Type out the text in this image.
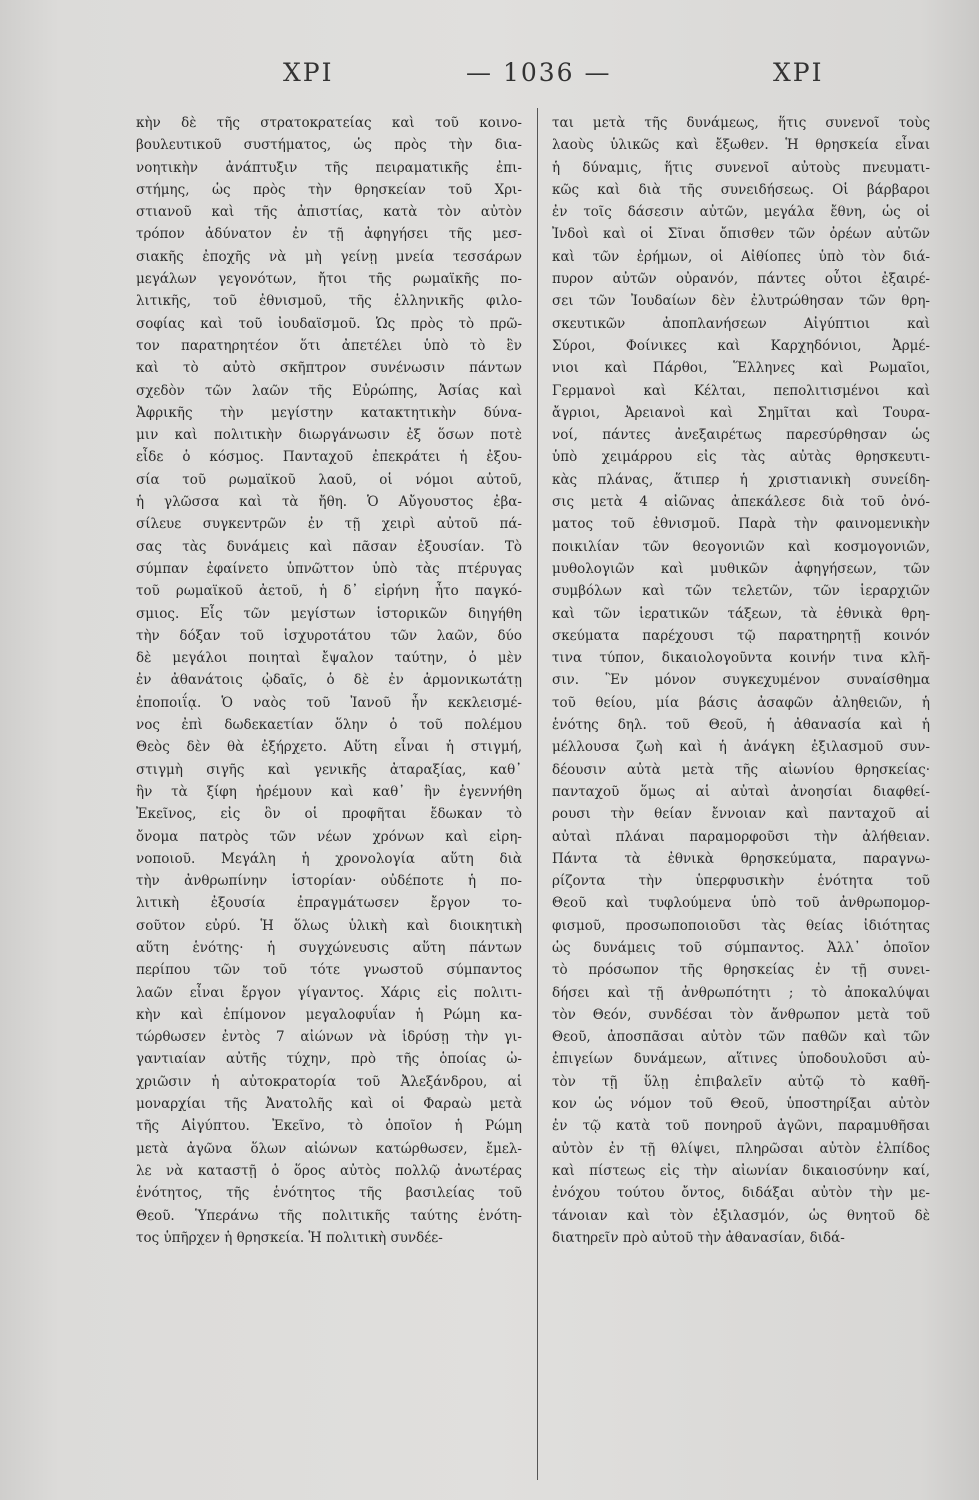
ΧΡΙ	— 1036 —	ΧΡΙ
κὴν δὲ τῆς στρατοκρατείας καὶ τοῦ κοινο-
βουλευτικοῦ συστήματος, ὡς πρὸς τὴν δια-
νοητικὴν ἀνάπτυξιν τῆς πειραματικῆς ἐπι-
στήμης, ὡς πρὸς τὴν θρησκείαν τοῦ Χρι-
στιανοῦ καὶ τῆς ἀπιστίας, κατὰ τὸν αὐτὸν
τρόπον ἀδύνατον ἐν τῇ ἀφηγήσει τῆς μεσ-
σιακῆς ἐποχῆς νὰ μὴ γείνῃ μνεία τεσσάρων
μεγάλων γεγονότων, ἤτοι τῆς ρωμαϊκῆς πο-
λιτικῆς, τοῦ ἐθνισμοῦ, τῆς ἑλληνικῆς φιλο-
σοφίας καὶ τοῦ ἰουδαϊσμοῦ. Ὡς πρὸς τὸ πρῶ-
τον παρατηρητέον ὅτι ἀπετέλει ὑπὸ τὸ ἓν
καὶ τὸ αὐτὸ σκῆπτρον συνένωσιν πάντων
σχεδὸν τῶν λαῶν τῆς Εὐρώπης, Ἀσίας καὶ
Ἀφρικῆς τὴν μεγίστην κατακτητικὴν δύνα-
μιν καὶ πολιτικὴν διωργάνωσιν ἐξ ὅσων ποτὲ
εἶδε ὁ κόσμος. Πανταχοῦ ἐπεκράτει ἡ ἐξου-
σία τοῦ ρωμαϊκοῦ λαοῦ, οἱ νόμοι αὐτοῦ,
ἡ γλῶσσα καὶ τὰ ἤθη. Ὁ Αὔγουστος ἐβα-
σίλευε συγκεντρῶν ἐν τῇ χειρὶ αὐτοῦ πά-
σας τὰς δυνάμεις καὶ πᾶσαν ἐξουσίαν. Τὸ
σύμπαν ἐφαίνετο ὑπνῶττον ὑπὸ τὰς πτέρυγας
τοῦ ρωμαϊκοῦ ἀετοῦ, ἡ δ᾽ εἰρήνη ἦτο παγκό-
σμιος. Εἷς τῶν μεγίστων ἱστορικῶν διηγήθη
τὴν δόξαν τοῦ ἰσχυροτάτου τῶν λαῶν, δύο
δὲ μεγάλοι ποιηταὶ ἔψαλον ταύτην, ὁ μὲν
ἐν ἀθανάτοις ᾠδαῖς, ὁ δὲ ἐν ἁρμονικωτάτῃ
ἐποποιΐᾳ. Ὁ ναὸς τοῦ Ἰανοῦ ἦν κεκλεισμέ-
νος ἐπὶ δωδεκαετίαν ὅλην ὁ τοῦ πολέμου
Θεὸς δὲν θὰ ἐξήρχετο. Αὕτη εἶναι ἡ στιγμή,
στιγμὴ σιγῆς καὶ γενικῆς ἀταραξίας, καθ᾽
ἣν τὰ ξίφη ἠρέμουν καὶ καθ᾽ ἣν ἐγεννήθη
Ἐκεῖνος, εἰς ὃν οἱ προφῆται ἔδωκαν τὸ
ὄνομα πατρὸς τῶν νέων χρόνων καὶ εἰρη-
νοποιοῦ. Μεγάλη ἡ χρονολογία αὕτη διὰ
τὴν ἀνθρωπίνην ἱστορίαν· οὐδέποτε ἡ πο-
λιτικὴ ἐξουσία ἐπραγμάτωσεν ἔργον το-
σοῦτον εὐρύ. Ἡ ὅλως ὑλικὴ καὶ διοικητικὴ
αὕτη ἑνότης· ἡ συγχώνευσις αὕτη πάντων
περίπου τῶν τοῦ τότε γνωστοῦ σύμπαντος
λαῶν εἶναι ἔργον γίγαντος. Χάρις εἰς πολιτι-
κὴν καὶ ἐπίμονον μεγαλοφυΐαν ἡ Ρώμη κα-
τώρθωσεν ἐντὸς 7 αἰώνων νὰ ἱδρύσῃ τὴν γι-
γαντιαίαν αὐτῆς τύχην, πρὸ τῆς ὁποίας ὠ-
χριῶσιν ἡ αὐτοκρατορία τοῦ Ἀλεξάνδρου, αἱ
μοναρχίαι τῆς Ἀνατολῆς καὶ οἱ Φαραὼ μετὰ
τῆς Αἰγύπτου. Ἐκεῖνο, τὸ ὁποῖον ἡ Ρώμη
μετὰ ἀγῶνα ὅλων αἰώνων κατώρθωσεν, ἔμελ-
λε νὰ καταστῇ ὁ ὅρος αὐτὸς πολλῷ ἀνωτέρας
ἑνότητος, τῆς ἑνότητος τῆς βασιλείας τοῦ
Θεοῦ. Ὑπεράνω τῆς πολιτικῆς ταύτης ἑνότη-
τος ὑπῆρχεν ἡ θρησκεία. Ἡ πολιτικὴ συνδέε-
ται μετὰ τῆς δυνάμεως, ἥτις συνενοῖ τοὺς
λαοὺς ὑλικῶς καὶ ἔξωθεν. Ἡ θρησκεία εἶναι
ἡ δύναμις, ἥτις συνενοῖ αὐτοὺς πνευματι-
κῶς καὶ διὰ τῆς συνειδήσεως. Οἱ βάρβαροι
ἐν τοῖς δάσεσιν αὐτῶν, μεγάλα ἔθνη, ὡς οἱ
Ἰνδοὶ καὶ οἱ Σῖναι ὄπισθεν τῶν ὀρέων αὐτῶν
καὶ τῶν ἐρήμων, οἱ Αἰθίοπες ὑπὸ τὸν διά-
πυρον αὐτῶν οὐρανόν, πάντες οὗτοι ἐξαιρέ-
σει τῶν Ἰουδαίων δὲν ἐλυτρώθησαν τῶν θρη-
σκευτικῶν ἀποπλανήσεων Αἰγύπτιοι καὶ
Σύροι, Φοίνικες καὶ Καρχηδόνιοι, Ἀρμέ-
νιοι καὶ Πάρθοι, Ἕλληνες καὶ Ρωμαῖοι,
Γερμανοὶ καὶ Κέλται, πεπολιτισμένοι καὶ
ἄγριοι, Ἀρειανοὶ καὶ Σημῖται καὶ Τουρα-
νοί, πάντες ἀνεξαιρέτως παρεσύρθησαν ὡς
ὑπὸ χειμάρρου εἰς τὰς αὐτὰς θρησκευτι-
κὰς πλάνας, ἅτιπερ ἡ χριστιανικὴ συνείδη-
σις μετὰ 4 αἰῶνας ἀπεκάλεσε διὰ τοῦ ὀνό-
ματος τοῦ ἐθνισμοῦ. Παρὰ τὴν φαινομενικὴν
ποικιλίαν τῶν θεογονιῶν καὶ κοσμογονιῶν,
μυθολογιῶν καὶ μυθικῶν ἀφηγήσεων, τῶν
συμβόλων καὶ τῶν τελετῶν, τῶν ἱεραρχιῶν
καὶ τῶν ἱερατικῶν τάξεων, τὰ ἐθνικὰ θρη-
σκεύματα παρέχουσι τῷ παρατηρητῇ κοινόν
τινα τύπον, δικαιολογοῦντα κοινήν τινα κλῆ-
σιν. Ἓν μόνον συγκεχυμένον συναίσθημα
τοῦ θείου, μία βάσις ἀσαφῶν ἀληθειῶν, ἡ
ἑνότης δηλ. τοῦ Θεοῦ, ἡ ἀθανασία καὶ ἡ
μέλλουσα ζωὴ καὶ ἡ ἀνάγκη ἐξιλασμοῦ συν-
δέουσιν αὐτὰ μετὰ τῆς αἰωνίου θρησκείας·
πανταχοῦ ὅμως αἱ αὐταὶ ἀνοησίαι διαφθεί-
ρουσι τὴν θείαν ἔννοιαν καὶ πανταχοῦ αἱ
αὐταὶ πλάναι παραμορφοῦσι τὴν ἀλήθειαν.
Πάντα τὰ ἐθνικὰ θρησκεύματα, παραγνω-
ρίζοντα τὴν ὑπερφυσικὴν ἑνότητα τοῦ
Θεοῦ καὶ τυφλούμενα ὑπὸ τοῦ ἀνθρωπομορ-
φισμοῦ, προσωποποιοῦσι τὰς θείας ἰδιότητας
ὡς δυνάμεις τοῦ σύμπαντος. Ἀλλ᾽ ὁποῖον
τὸ πρόσωπον τῆς θρησκείας ἐν τῇ συνει-
δήσει καὶ τῇ ἀνθρωπότητι ; τὸ ἀποκαλύψαι
τὸν Θεόν, συνδέσαι τὸν ἄνθρωπον μετὰ τοῦ
Θεοῦ, ἀποσπᾶσαι αὐτὸν τῶν παθῶν καὶ τῶν
ἐπιγείων δυνάμεων, αἵτινες ὑποδουλοῦσι αὐ-
τὸν τῇ ὕλῃ ἐπιβαλεῖν αὐτῷ τὸ καθῆ-
κον ὡς νόμον τοῦ Θεοῦ, ὑποστηρίξαι αὐτὸν
ἐν τῷ κατὰ τοῦ πονηροῦ ἀγῶνι, παραμυθῆσαι
αὐτὸν ἐν τῇ θλίψει, πληρῶσαι αὐτὸν ἐλπίδος
καὶ πίστεως εἰς τὴν αἰωνίαν δικαιοσύνην καί,
ἐνόχου τούτου ὄντος, διδάξαι αὐτὸν τὴν με-
τάνοιαν καὶ τὸν ἐξιλασμόν, ὡς θνητοῦ δὲ
διατηρεῖν πρὸ αὐτοῦ τὴν ἀθανασίαν, διδά-
